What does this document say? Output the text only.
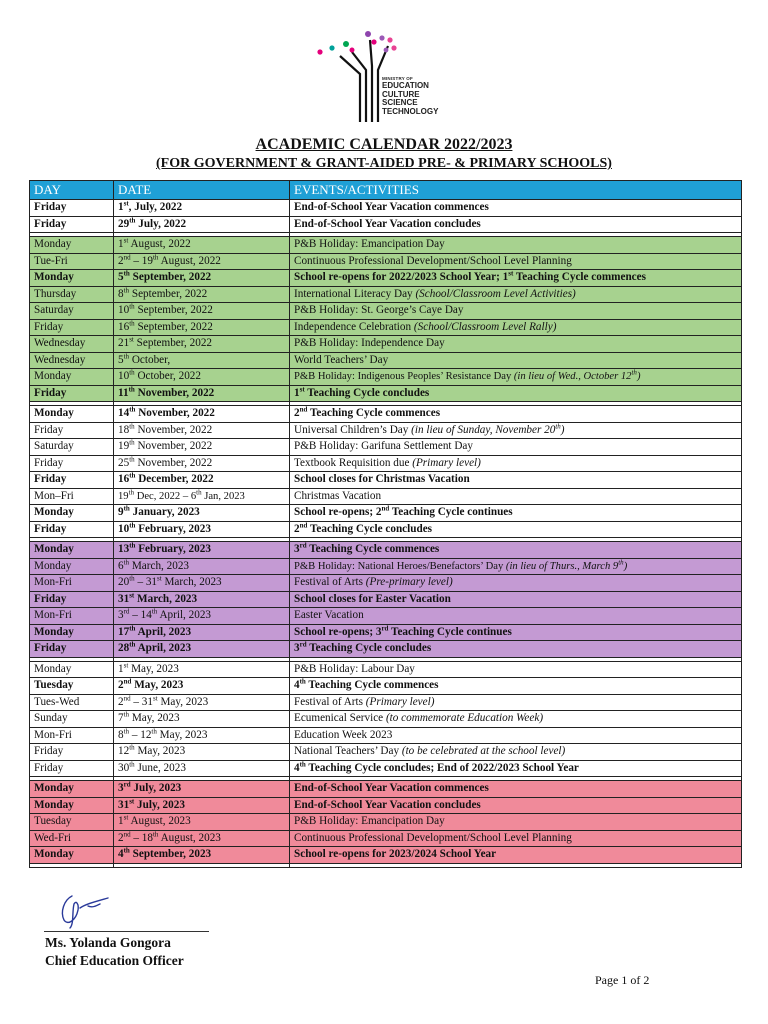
MINISTRY OF
EDUCATION
CULTURE
SCIENCE
TECHNOLOGY
ACADEMIC CALENDAR 2022/2023
(FOR GOVERNMENT & GRANT-AIDED PRE- & PRIMARY SCHOOLS)
DAY	DATE	EVENTS/ACTIVITIES
Friday	1st, July, 2022	End-of-School Year Vacation commences
Friday	29th July, 2022	End-of-School Year Vacation concludes

Monday	1st August, 2022	P&B Holiday: Emancipation Day
Tue-Fri	2nd – 19th August, 2022	Continuous Professional Development/School Level Planning
Monday	5th September, 2022	School re-opens for 2022/2023 School Year; 1st Teaching Cycle commences
Thursday	8th September, 2022	International Literacy Day (School/Classroom Level Activities)
Saturday	10th September, 2022	P&B Holiday: St. George’s Caye Day
Friday	16th September, 2022	Independence Celebration (School/Classroom Level Rally)
Wednesday	21st September, 2022	P&B Holiday: Independence Day
Wednesday	5th October,	World Teachers’ Day
Monday	10th October, 2022	P&B Holiday: Indigenous Peoples’ Resistance Day (in lieu of Wed., October 12th)
Friday	11th November, 2022	1st Teaching Cycle concludes

Monday	14th November, 2022	2nd Teaching Cycle commences
Friday	18th November, 2022	Universal Children’s Day (in lieu of Sunday, November 20th)
Saturday	19th November, 2022	P&B Holiday: Garifuna Settlement Day
Friday	25th November, 2022	Textbook Requisition due (Primary level)
Friday	16th December, 2022	School closes for Christmas Vacation
Mon–Fri	19th Dec, 2022 – 6th Jan, 2023	Christmas Vacation
Monday	9th January, 2023	School re-opens; 2nd Teaching Cycle continues
Friday	10th February, 2023	2nd Teaching Cycle concludes

Monday	13th February, 2023	3rd Teaching Cycle commences
Monday	6th March, 2023	P&B Holiday: National Heroes/Benefactors’ Day (in lieu of Thurs., March 9th)
Mon-Fri	20th – 31st March, 2023	Festival of Arts (Pre-primary level)
Friday	31st March, 2023	School closes for Easter Vacation
Mon-Fri	3rd – 14th April, 2023	Easter Vacation
Monday	17th April, 2023	School re-opens; 3rd Teaching Cycle continues
Friday	28th April, 2023	3rd Teaching Cycle concludes

Monday	1st May, 2023	P&B Holiday: Labour Day
Tuesday	2nd May, 2023	4th Teaching Cycle commences
Tues-Wed	2nd – 31st May, 2023	Festival of Arts (Primary level)
Sunday	7th May, 2023	Ecumenical Service (to commemorate Education Week)
Mon-Fri	8th – 12th May, 2023	Education Week 2023
Friday	12th May, 2023	National Teachers’ Day (to be celebrated at the school level)
Friday	30th June, 2023	4th Teaching Cycle concludes; End of 2022/2023 School Year

Monday	3rd July, 2023	End-of-School Year Vacation commences
Monday	31st July, 2023	End-of-School Year Vacation concludes
Tuesday	1st August, 2023	P&B Holiday: Emancipation Day
Wed-Fri	2nd – 18th August, 2023	Continuous Professional Development/School Level Planning
Monday	4th September, 2023	School re-opens for 2023/2024 School Year

Ms. Yolanda Gongora
Chief Education Officer
Page 1 of 2
